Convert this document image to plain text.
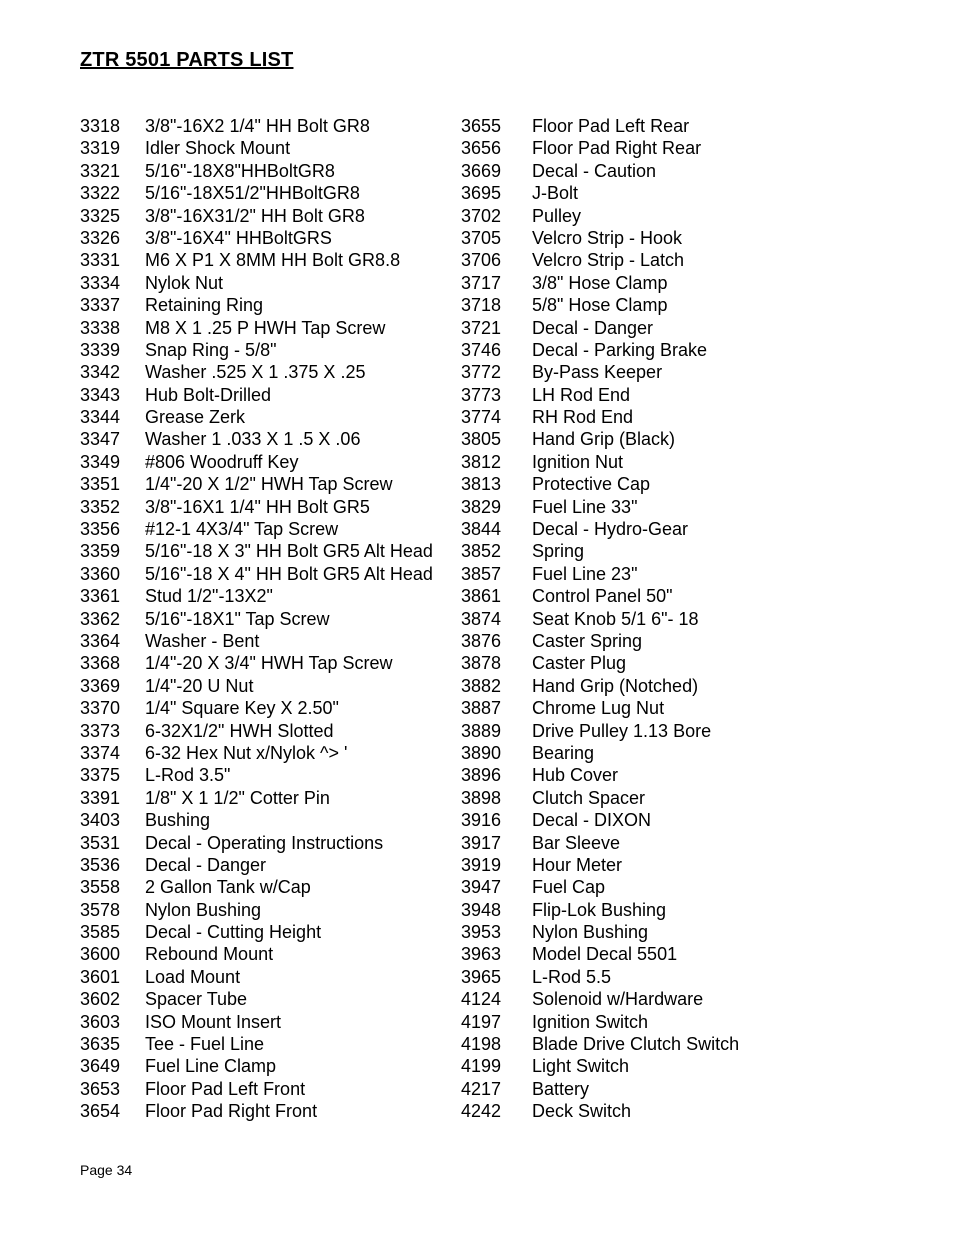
ZTR 5501 PARTS LIST
3318 3/8"-16X2 1/4" HH Bolt GR8
3319 Idler Shock Mount
3321 5/16"-18X8"HHBoltGR8
3322 5/16"-18X51/2"HHBoltGR8
3325 3/8"-16X31/2" HH Bolt GR8
3326 3/8"-16X4" HHBoltGRS
3331 M6 X P1 X 8MM HH Bolt GR8.8
3334 Nylok Nut
3337 Retaining Ring
3338 M8 X 1 .25 P HWH Tap Screw
3339 Snap Ring - 5/8"
3342 Washer .525 X 1 .375 X .25
3343 Hub Bolt-Drilled
3344 Grease Zerk
3347 Washer 1 .033 X 1 .5 X .06
3349 #806 Woodruff Key
3351 1/4"-20 X 1/2" HWH Tap Screw
3352 3/8"-16X1 1/4" HH Bolt GR5
3356 #12-1 4X3/4" Tap Screw
3359 5/16"-18 X 3" HH Bolt GR5 Alt Head
3360 5/16"-18 X 4" HH Bolt GR5 Alt Head
3361 Stud 1/2"-13X2"
3362 5/16"-18X1" Tap Screw
3364 Washer - Bent
3368 1/4"-20 X 3/4" HWH Tap Screw
3369 1/4"-20 U Nut
3370 1/4" Square Key X 2.50"
3373 6-32X1/2" HWH Slotted
3374 6-32 Hex Nut x/Nylok ^> '
3375 L-Rod 3.5"
3391 1/8" X 1 1/2" Cotter Pin
3403 Bushing
3531 Decal - Operating Instructions
3536 Decal - Danger
3558 2 Gallon Tank w/Cap
3578 Nylon Bushing
3585 Decal - Cutting Height
3600 Rebound Mount
3601 Load Mount
3602 Spacer Tube
3603 ISO Mount Insert
3635 Tee - Fuel Line
3649 Fuel Line Clamp
3653 Floor Pad Left Front
3654 Floor Pad Right Front
3655 Floor Pad Left Rear
3656 Floor Pad Right Rear
3669 Decal - Caution
3695 J-Bolt
3702 Pulley
3705 Velcro Strip - Hook
3706 Velcro Strip - Latch
3717 3/8" Hose Clamp
3718 5/8" Hose Clamp
3721 Decal - Danger
3746 Decal - Parking Brake
3772 By-Pass Keeper
3773 LH Rod End
3774 RH Rod End
3805 Hand Grip (Black)
3812 Ignition Nut
3813 Protective Cap
3829 Fuel Line 33"
3844 Decal - Hydro-Gear
3852 Spring
3857 Fuel Line 23"
3861 Control Panel 50"
3874 Seat Knob 5/1 6"- 18
3876 Caster Spring
3878 Caster Plug
3882 Hand Grip (Notched)
3887 Chrome Lug Nut
3889 Drive Pulley 1.13 Bore
3890 Bearing
3896 Hub Cover
3898 Clutch Spacer
3916 Decal - DIXON
3917 Bar Sleeve
3919 Hour Meter
3947 Fuel Cap
3948 Flip-Lok Bushing
3953 Nylon Bushing
3963 Model Decal 5501
3965 L-Rod 5.5
4124 Solenoid w/Hardware
4197 Ignition Switch
4198 Blade Drive Clutch Switch
4199 Light Switch
4217 Battery
4242 Deck Switch
Page 34
